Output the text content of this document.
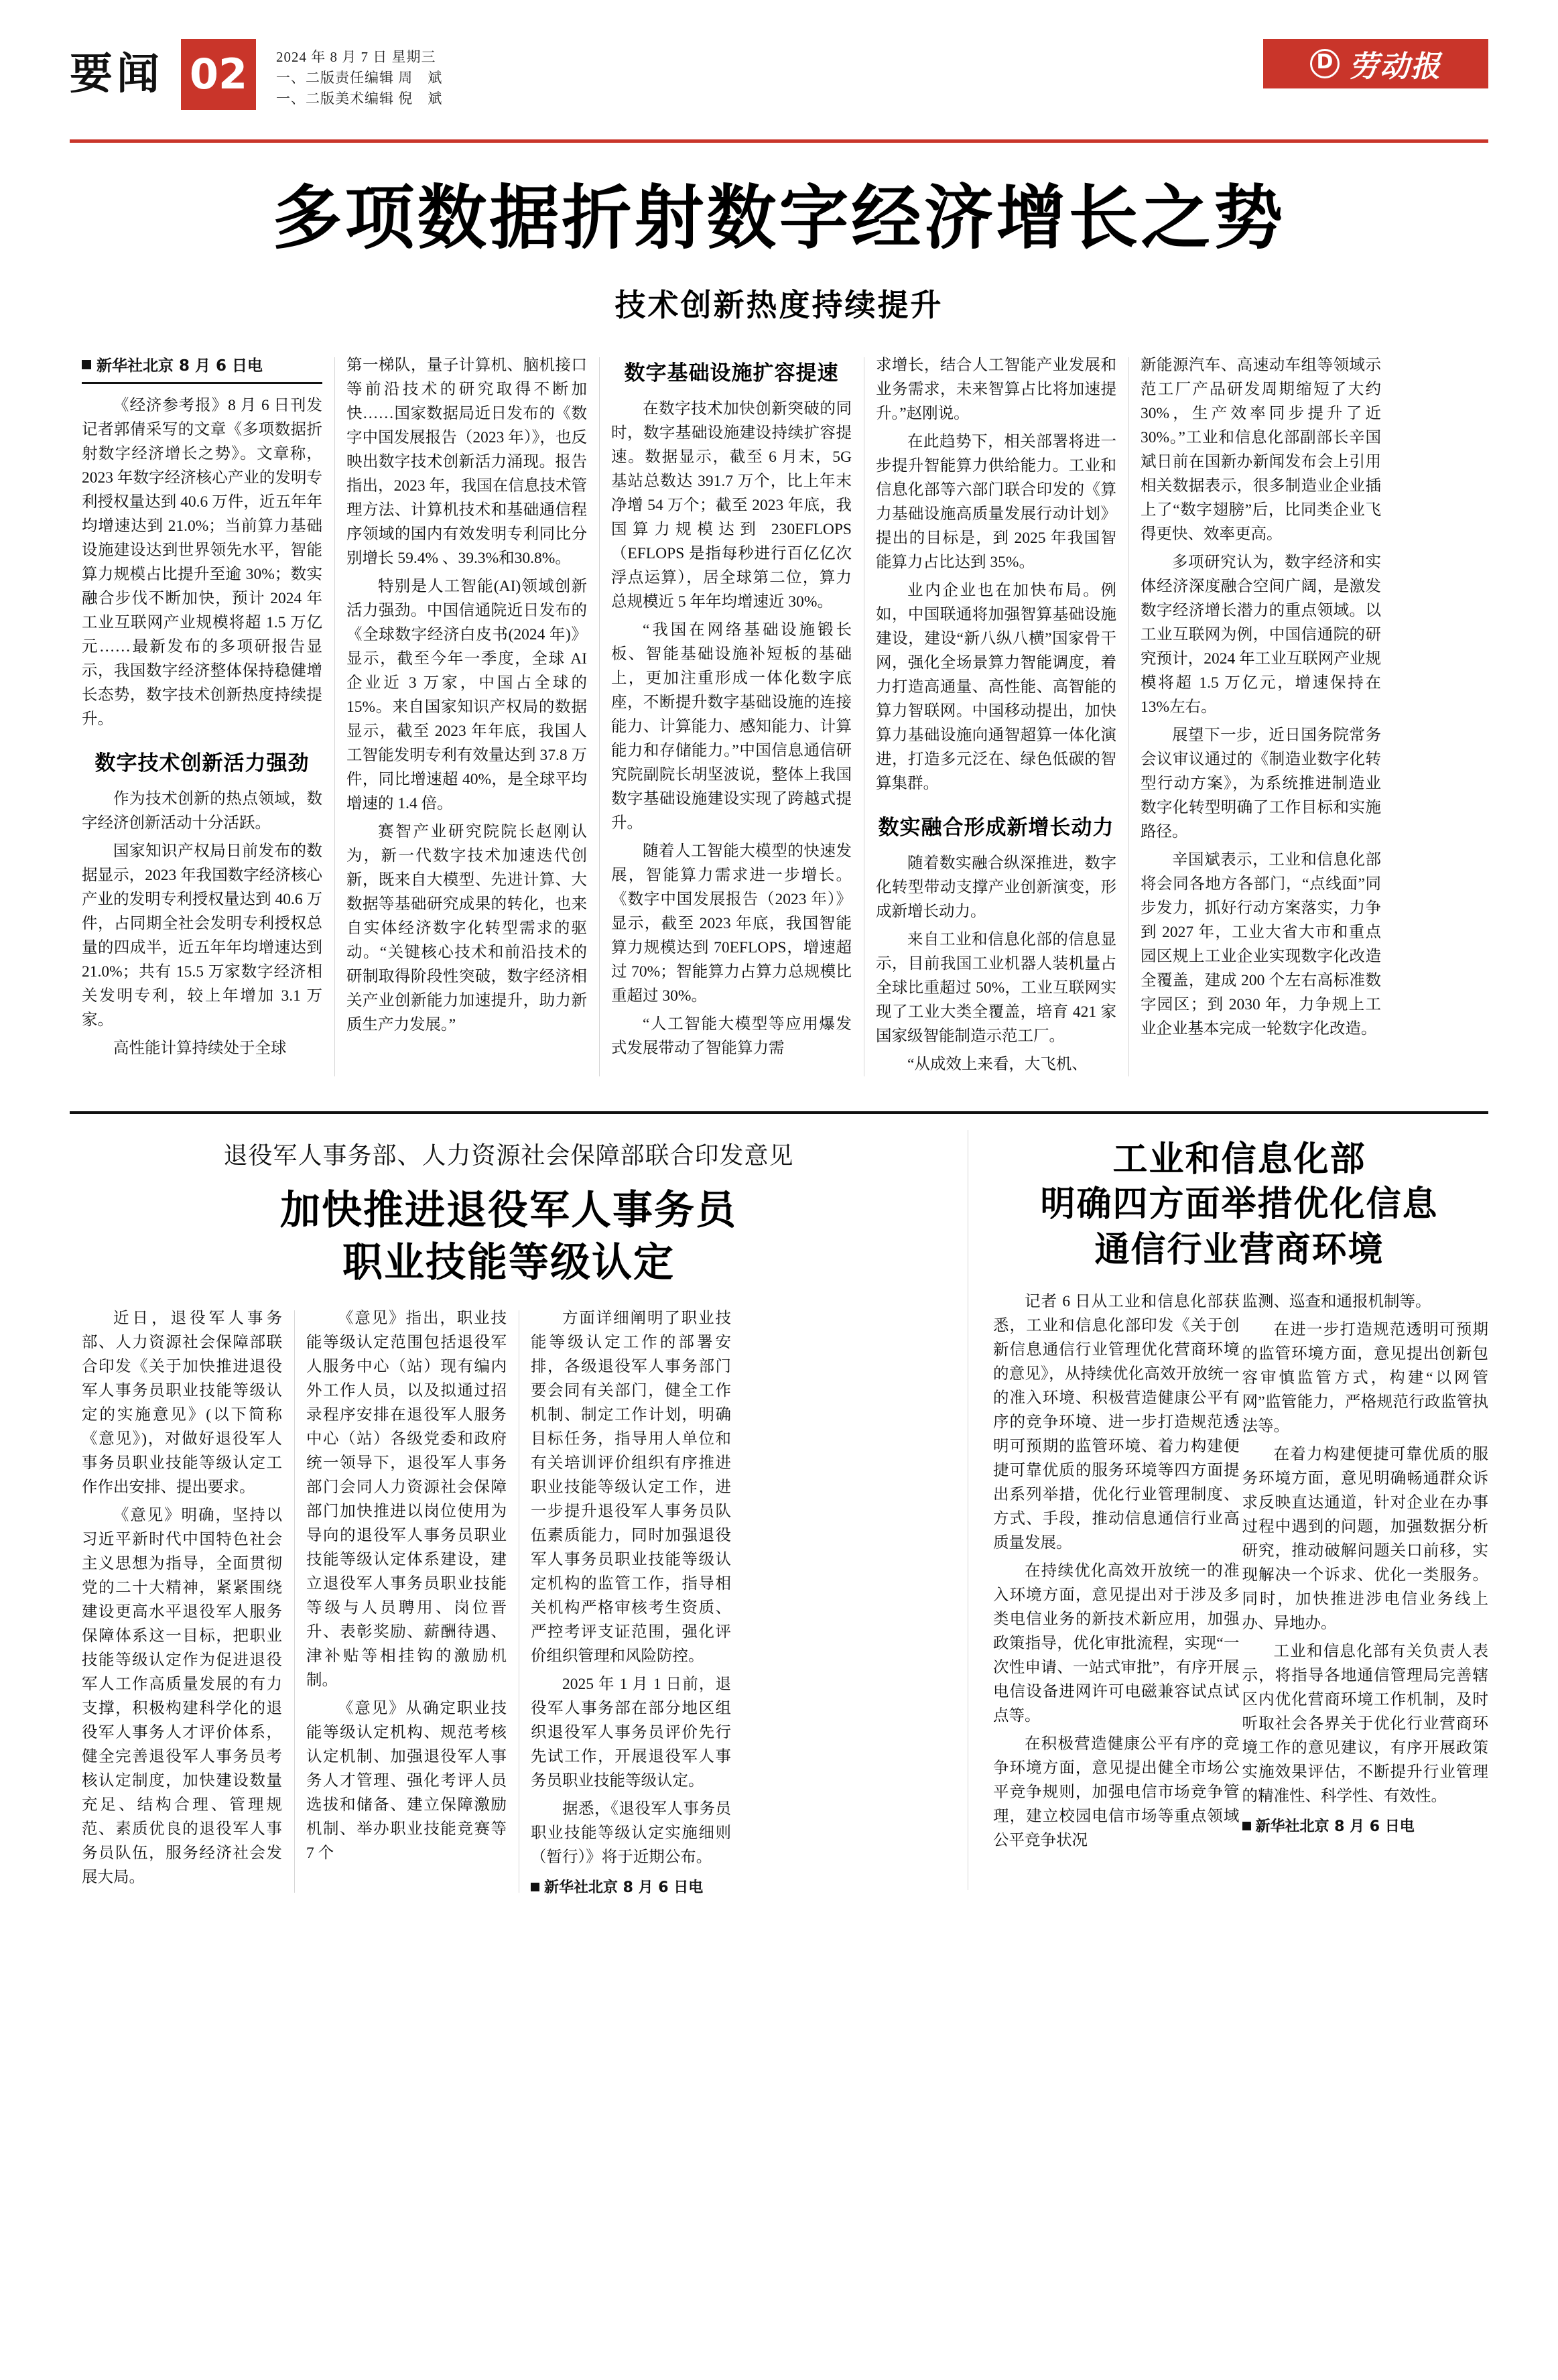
要闻 02	2024 年 8 月 7 日 星期三
一、二版责任编辑 周　斌
一、二版美术编辑 倪　斌
D 劳动报
多项数据折射数字经济增长之势
技术创新热度持续提升
新华社北京 8 月 6 日电

《经济参考报》8 月 6 日刊发记者郭倩采写的文章《多项数据折射数字经济增长之势》。文章称，2023 年数字经济核心产业的发明专利授权量达到 40.6 万件，近五年年均增速达到 21.0%；当前算力基础设施建设达到世界领先水平，智能算力规模占比提升至逾 30%；数实融合步伐不断加快，预计 2024 年工业互联网产业规模将超 1.5 万亿元……最新发布的多项研报告显示，我国数字经济整体保持稳健增长态势，数字技术创新热度持续提升。

数字技术创新活力强劲

作为技术创新的热点领域，数字经济创新活动十分活跃。

国家知识产权局日前发布的数据显示，2023 年我国数字经济核心产业的发明专利授权量达到 40.6 万件，占同期全社会发明专利授权总量的四成半，近五年年均增速达到 21.0%；共有 15.5 万家数字经济相关发明专利，较上年增加 3.1 万家。

高性能计算持续处于全球

第一梯队，量子计算机、脑机接口等前沿技术的研究取得不断加快……国家数据局近日发布的《数字中国发展报告（2023 年）》，也反映出数字技术创新活力涌现。报告指出，2023 年，我国在信息技术管理方法、计算机技术和基础通信程序领域的国内有效发明专利同比分别增长 59.4% 、39.3%和30.8%。

特别是人工智能(AI)领域创新活力强劲。中国信通院近日发布的《全球数字经济白皮书(2024 年)》显示，截至今年一季度，全球 AI 企业近 3 万家，中国占全球的 15%。来自国家知识产权局的数据显示，截至 2023 年年底，我国人工智能发明专利有效量达到 37.8 万件，同比增速超 40%，是全球平均增速的 1.4 倍。

赛智产业研究院院长赵刚认为，新一代数字技术加速迭代创新，既来自大模型、先进计算、大数据等基础研究成果的转化，也来自实体经济数字化转型需求的驱动。“关键核心技术和前沿技术的研制取得阶段性突破，数字经济相关产业创新能力加速提升，助力新质生产力发展。”

数字基础设施扩容提速

在数字技术加快创新突破的同时，数字基础设施建设持续扩容提速。数据显示，截至 6 月末，5G 基站总数达 391.7 万个，比上年末净增 54 万个；截至 2023 年底，我国算力规模达到 230EFLOPS（EFLOPS 是指每秒进行百亿亿次浮点运算），居全球第二位，算力总规模近 5 年年均增速近 30%。

“我国在网络基础设施锻长板、智能基础设施补短板的基础上，更加注重形成一体化数字底座，不断提升数字基础设施的连接能力、计算能力、感知能力、计算能力和存储能力。”中国信息通信研究院副院长胡坚波说，整体上我国数字基础设施建设实现了跨越式提升。

随着人工智能大模型的快速发展，智能算力需求进一步增长。《数字中国发展报告（2023 年）》显示，截至 2023 年底，我国智能算力规模达到 70EFLOPS，增速超过 70%；智能算力占算力总规模比重超过 30%。

“人工智能大模型等应用爆发式发展带动了智能算力需

求增长，结合人工智能产业发展和业务需求，未来智算占比将加速提升。”赵刚说。

在此趋势下，相关部署将进一步提升智能算力供给能力。工业和信息化部等六部门联合印发的《算力基础设施高质量发展行动计划》提出的目标是，到 2025 年我国智能算力占比达到 35%。

业内企业也在加快布局。例如，中国联通将加强智算基础设施建设，建设“新八纵八横”国家骨干网，强化全场景算力智能调度，着力打造高通量、高性能、高智能的算力智联网。中国移动提出，加快算力基础设施向通智超算一体化演进，打造多元泛在、绿色低碳的智算集群。

数实融合形成新增长动力

随着数实融合纵深推进，数字化转型带动支撑产业创新演变，形成新增长动力。

来自工业和信息化部的信息显示，目前我国工业机器人装机量占全球比重超过 50%，工业互联网实现了工业大类全覆盖，培育 421 家国家级智能制造示范工厂。

“从成效上来看，大飞机、

新能源汽车、高速动车组等领域示范工厂产品研发周期缩短了大约 30%，生产效率同步提升了近 30%。”工业和信息化部副部长辛国斌日前在国新办新闻发布会上引用相关数据表示，很多制造业企业插上了“数字翅膀”后，比同类企业飞得更快、效率更高。

多项研究认为，数字经济和实体经济深度融合空间广阔，是激发数字经济增长潜力的重点领域。以工业互联网为例，中国信通院的研究预计，2024 年工业互联网产业规模将超 1.5 万亿元，增速保持在 13%左右。

展望下一步，近日国务院常务会议审议通过的《制造业数字化转型行动方案》，为系统推进制造业数字化转型明确了工作目标和实施路径。

辛国斌表示，工业和信息化部将会同各地方各部门，“点线面”同步发力，抓好行动方案落实，力争到 2027 年，工业大省大市和重点园区规上工业企业实现数字化改造全覆盖，建成 200 个左右高标准数字园区；到 2030 年，力争规上工业企业基本完成一轮数字化改造。

退役军人事务部、人力资源社会保障部联合印发意见
加快推进退役军人事务员
职业技能等级认定

近日，退役军人事务部、人力资源社会保障部联合印发《关于加快推进退役军人事务员职业技能等级认定的实施意见》(以下简称《意见》)，对做好退役军人事务员职业技能等级认定工作作出安排、提出要求。

《意见》明确，坚持以习近平新时代中国特色社会主义思想为指导，全面贯彻党的二十大精神，紧紧围绕建设更高水平退役军人服务保障体系这一目标，把职业技能等级认定作为促进退役军人工作高质量发展的有力支撑，积极构建科学化的退役军人事务人才评价体系，健全完善退役军人事务员考核认定制度，加快建设数量充足、结构合理、管理规范、素质优良的退役军人事务员队伍，服务经济社会发展大局。

《意见》指出，职业技能等级认定范围包括退役军人服务中心（站）现有编内外工作人员，以及拟通过招录程序安排在退役军人服务中心（站）各级党委和政府统一领导下，退役军人事务部门会同人力资源社会保障部门加快推进以岗位使用为导向的退役军人事务员职业技能等级认定体系建设，建立退役军人事务员职业技能等级与人员聘用、岗位晋升、表彰奖励、薪酬待遇、津补贴等相挂钩的激励机制。

《意见》从确定职业技能等级认定机构、规范考核认定机制、加强退役军人事务人才管理、强化考评人员选拔和储备、建立保障激励机制、举办职业技能竞赛等 7 个

方面详细阐明了职业技能等级认定工作的部署安排，各级退役军人事务部门要会同有关部门，健全工作机制、制定工作计划，明确目标任务，指导用人单位和有关培训评价组织有序推进职业技能等级认定工作，进一步提升退役军人事务员队伍素质能力，同时加强退役军人事务员职业技能等级认定机构的监管工作，指导相关机构严格审核考生资质、严控考评支证范围，强化评价组织管理和风险防控。

2025 年 1 月 1 日前，退役军人事务部在部分地区组织退役军人事务员评价先行先试工作，开展退役军人事务员职业技能等级认定。

据悉，《退役军人事务员职业技能等级认定实施细则（暂行）》将于近期公布。

新华社北京 8 月 6 日电
工业和信息化部
明确四方面举措优化信息
通信行业营商环境

记者 6 日从工业和信息化部获悉，工业和信息化部印发《关于创新信息通信行业管理优化营商环境的意见》，从持续优化高效开放统一的准入环境、积极营造健康公平有序的竞争环境、进一步打造规范透明可预期的监管环境、着力构建便捷可靠优质的服务环境等四方面提出系列举措，优化行业管理制度、方式、手段，推动信息通信行业高质量发展。

在持续优化高效开放统一的准入环境方面，意见提出对于涉及多类电信业务的新技术新应用，加强政策指导，优化审批流程，实现“一次性申请、一站式审批”，有序开展电信设备进网许可电磁兼容试点试点等。

在积极营造健康公平有序的竞争环境方面，意见提出健全市场公平竞争规则，加强电信市场竞争管理，建立校园电信市场等重点领域公平竞争状况

监测、巡查和通报机制等。

在进一步打造规范透明可预期的监管环境方面，意见提出创新包容审慎监管方式，构建“以网管网”监管能力，严格规范行政监管执法等。

在着力构建便捷可靠优质的服务环境方面，意见明确畅通群众诉求反映直达通道，针对企业在办事过程中遇到的问题，加强数据分析研究，推动破解问题关口前移，实现解决一个诉求、优化一类服务。同时，加快推进涉电信业务线上办、异地办。

工业和信息化部有关负责人表示，将指导各地通信管理局完善辖区内优化营商环境工作机制，及时听取社会各界关于优化行业营商环境工作的意见建议，有序开展政策实施效果评估，不断提升行业管理的精准性、科学性、有效性。

新华社北京 8 月 6 日电
